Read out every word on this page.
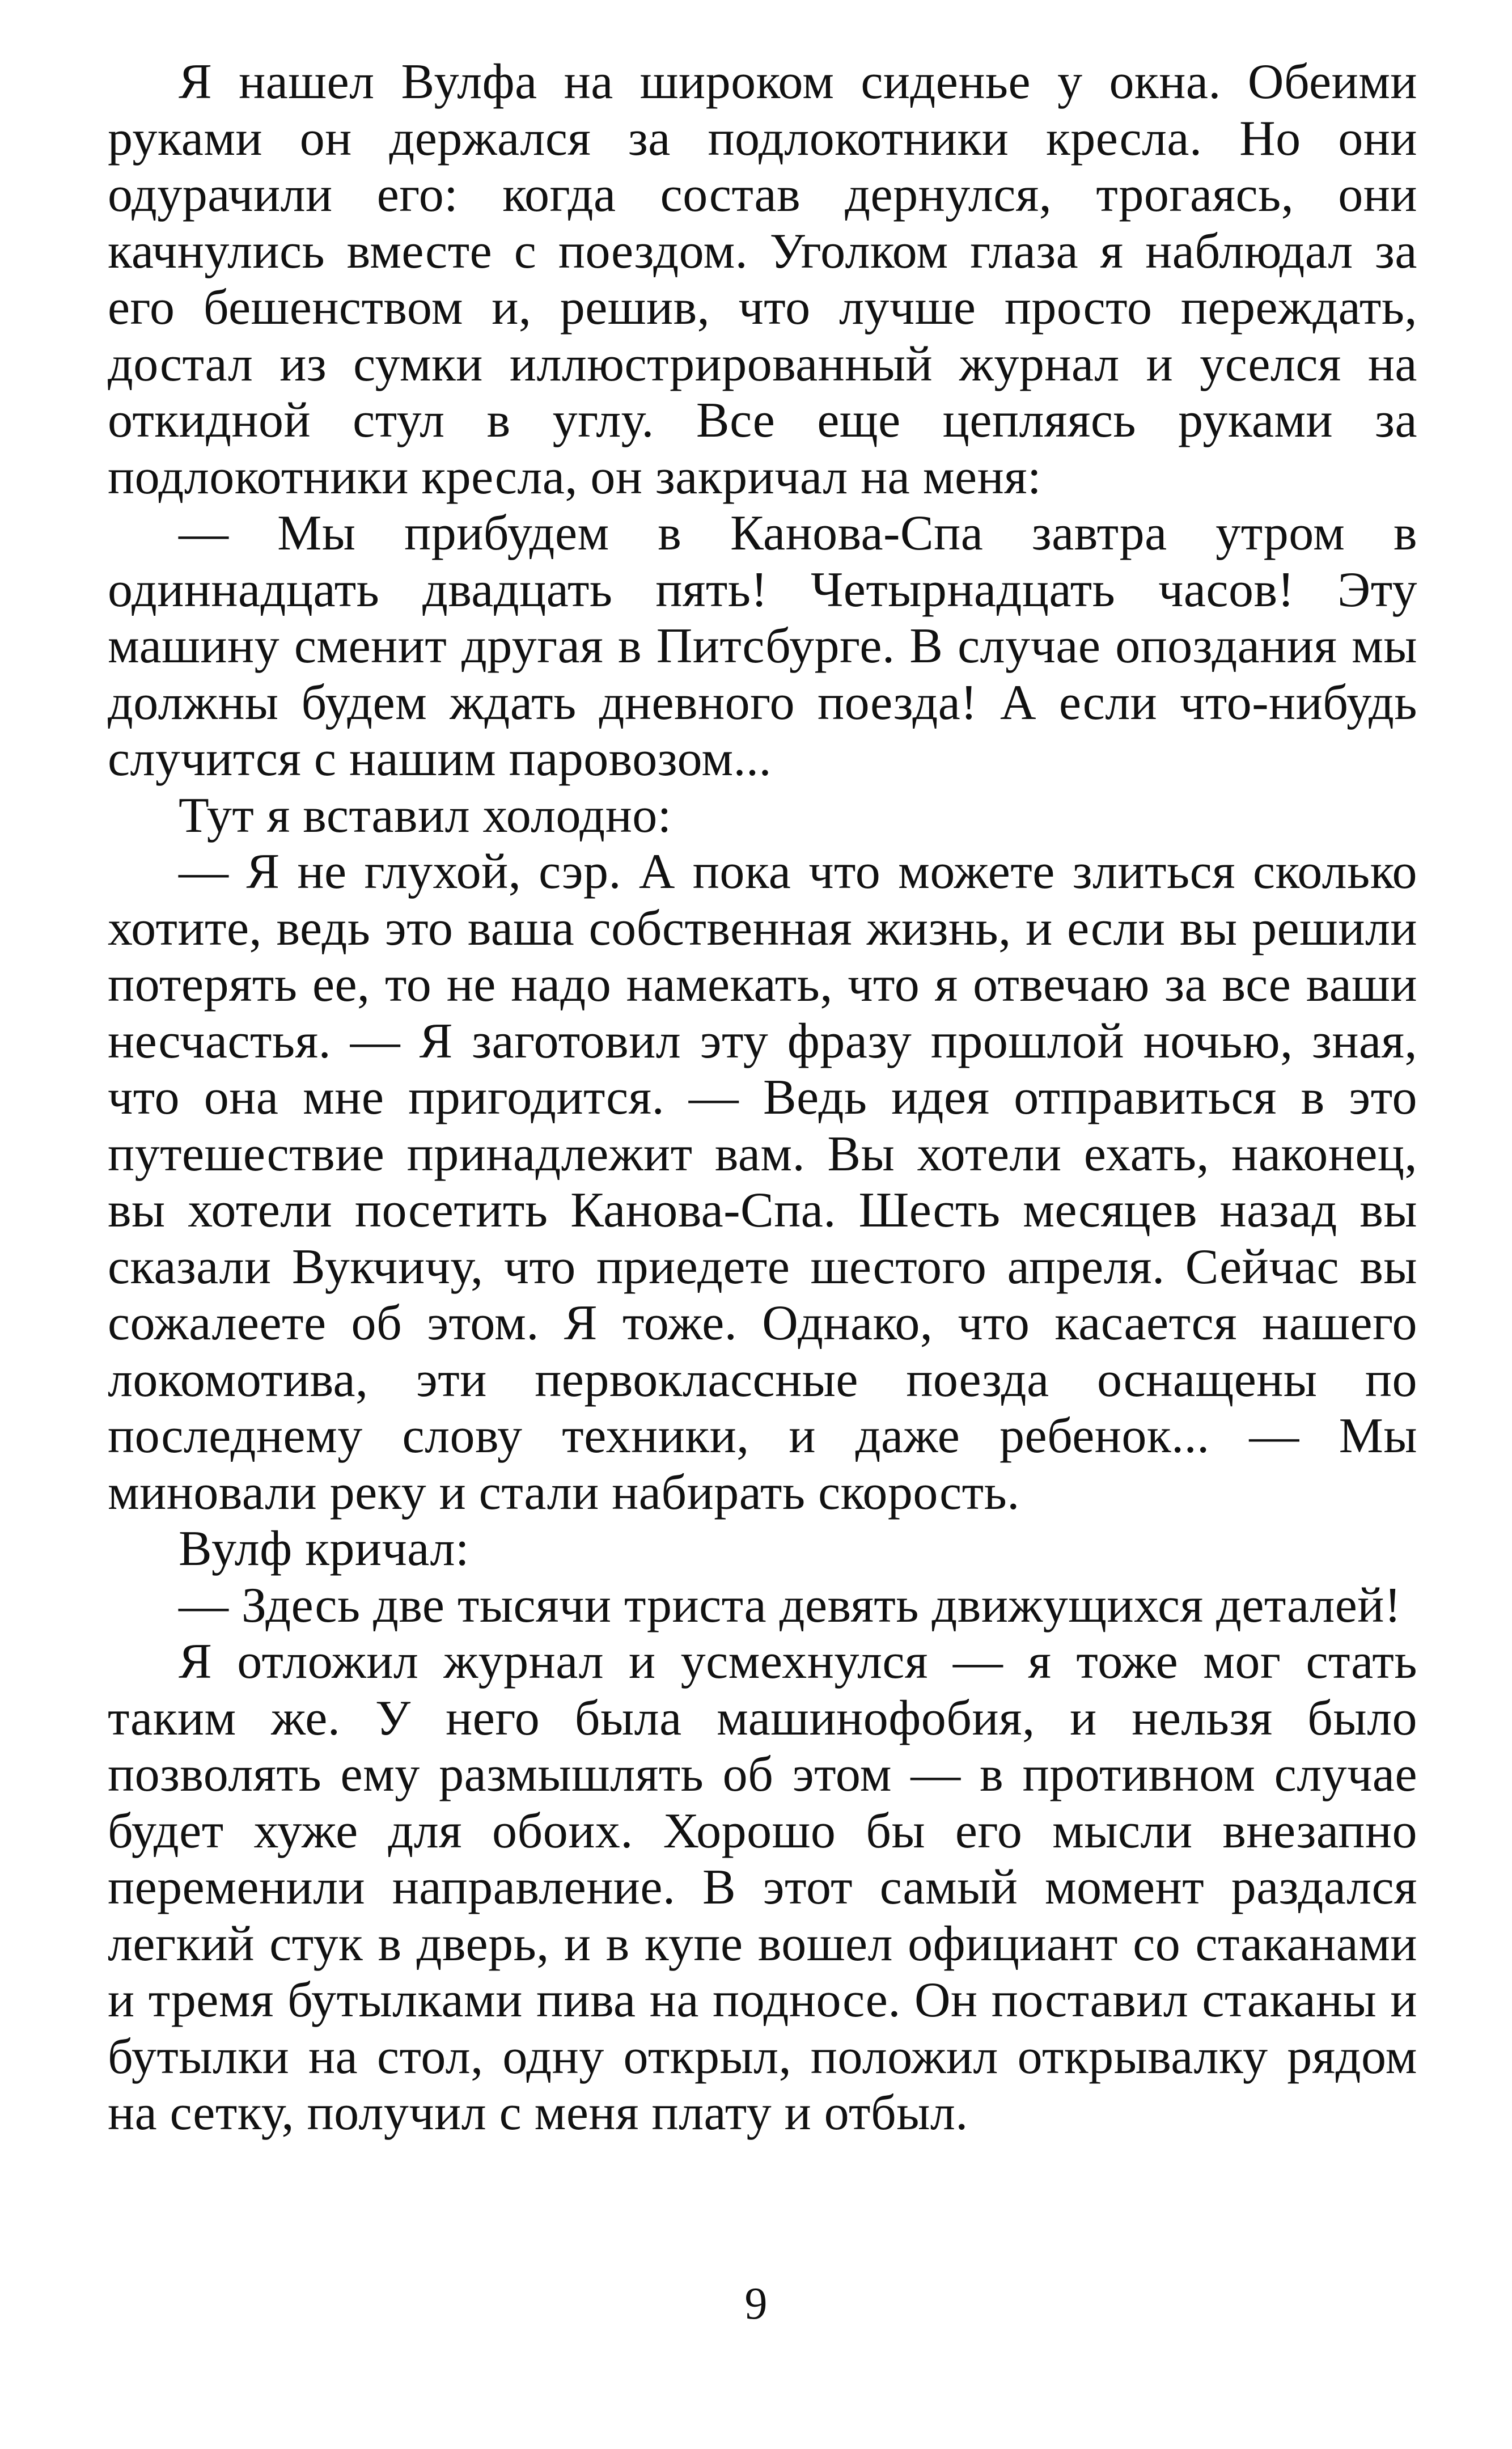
Я нашел Вулфа на широком сиденье у окна. Обеими руками он держался за подлокотники кресла. Но они одурачили его: когда состав дернулся, трогаясь, они качнулись вместе с поездом. Уголком глаза я наблюдал за его бешенством и, решив, что лучше просто переждать, достал из сумки иллюстрированный журнал и уселся на откидной стул в углу. Все еще цепляясь руками за подлокотники кресла, он закричал на меня:

— Мы прибудем в Канова-Спа завтра утром в одиннадцать двадцать пять! Четырнадцать часов! Эту машину сменит другая в Питсбурге. В случае опоздания мы должны будем ждать дневного поезда! А если что-нибудь случится с нашим паровозом...

Тут я вставил холодно:

— Я не глухой, сэр. А пока что можете злиться сколько хотите, ведь это ваша собственная жизнь, и если вы решили потерять ее, то не надо намекать, что я отвечаю за все ваши несчастья. — Я заготовил эту фразу прошлой ночью, зная, что она мне пригодится. — Ведь идея отправиться в это путешествие принадлежит вам. Вы хотели ехать, наконец, вы хотели посетить Канова-Спа. Шесть месяцев назад вы сказали Вукчичу, что приедете шестого апреля. Сейчас вы сожалеете об этом. Я тоже. Однако, что касается нашего локомотива, эти первоклассные поезда оснащены по последнему слову техники, и даже ребенок... — Мы миновали реку и стали набирать скорость.

Вулф кричал:

— Здесь две тысячи триста девять движущихся деталей!

Я отложил журнал и усмехнулся — я тоже мог стать таким же. У него была машинофобия, и нельзя было позволять ему размышлять об этом — в противном случае будет хуже для обоих. Хорошо бы его мысли внезапно переменили направление. В этот самый момент раздался легкий стук в дверь, и в купе вошел официант со стаканами и тремя бутылками пива на подносе. Он поставил стаканы и бутылки на стол, одну открыл, положил открывалку рядом на сетку, получил с меня плату и отбыл.

9
